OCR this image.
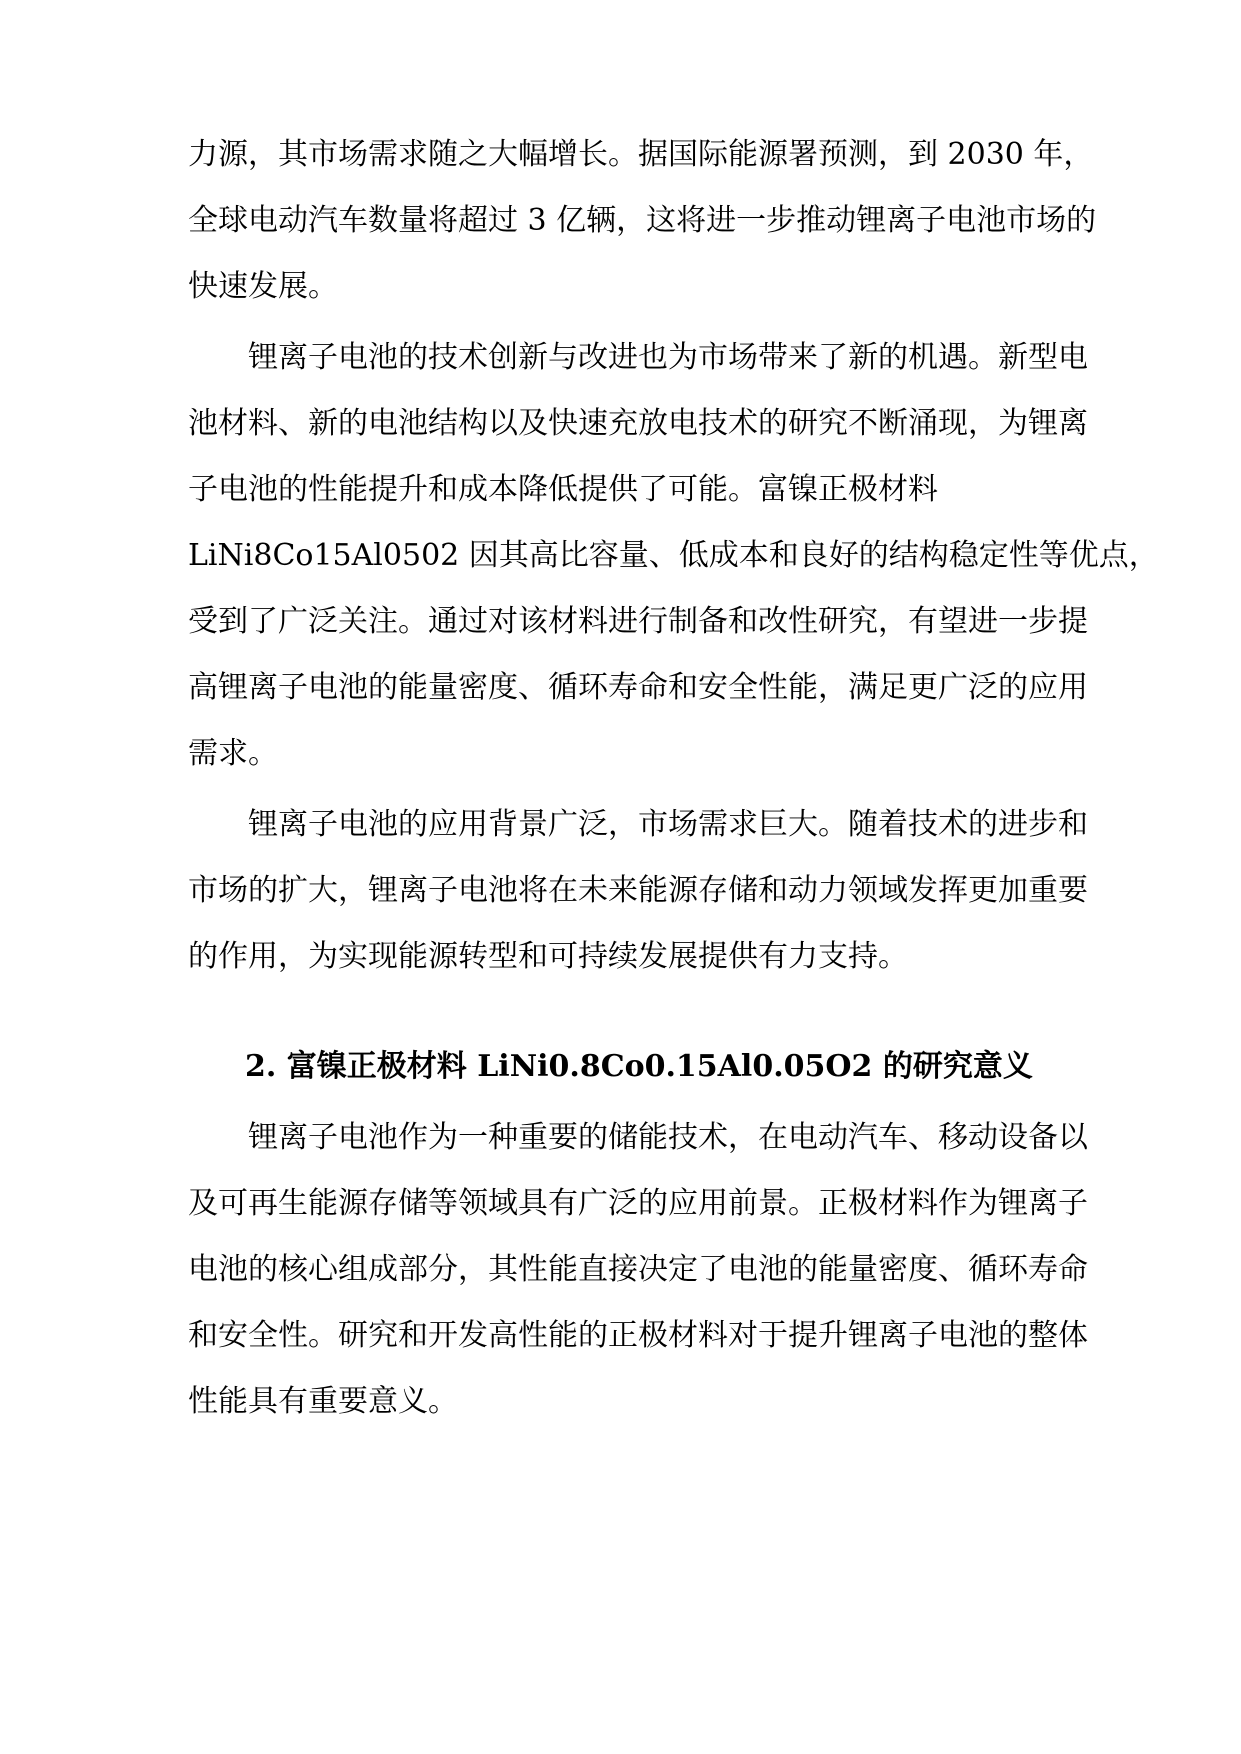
力源，其市场需求随之大幅增长。据国际能源署预测，到 2030 年，
全球电动汽车数量将超过 3 亿辆，这将进一步推动锂离子电池市场的
快速发展。
锂离子电池的技术创新与改进也为市场带来了新的机遇。新型电
池材料、新的电池结构以及快速充放电技术的研究不断涌现，为锂离
子电池的性能提升和成本降低提供了可能。富镍正极材料
LiNi8Co15Al0502 因其高比容量、低成本和良好的结构稳定性等优点，
受到了广泛关注。通过对该材料进行制备和改性研究，有望进一步提
高锂离子电池的能量密度、循环寿命和安全性能，满足更广泛的应用
需求。
锂离子电池的应用背景广泛，市场需求巨大。随着技术的进步和
市场的扩大，锂离子电池将在未来能源存储和动力领域发挥更加重要
的作用，为实现能源转型和可持续发展提供有力支持。
2. 富镍正极材料 LiNi0.8Co0.15Al0.05O2 的研究意义
锂离子电池作为一种重要的储能技术，在电动汽车、移动设备以
及可再生能源存储等领域具有广泛的应用前景。正极材料作为锂离子
电池的核心组成部分，其性能直接决定了电池的能量密度、循环寿命
和安全性。研究和开发高性能的正极材料对于提升锂离子电池的整体
性能具有重要意义。
